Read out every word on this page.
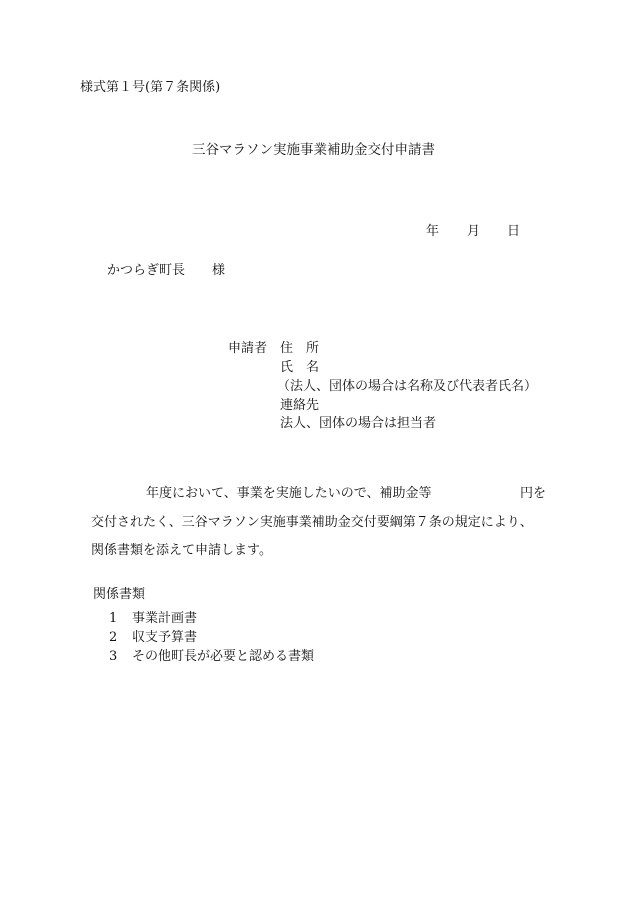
様式第１号(第７条関係)
三谷マラソン実施事業補助金交付申請書
年 月 日
かつらぎ町長 様
申請者 住　所
氏　名
（法人、団体の場合は名称及び代表者氏名）
連絡先
法人、団体の場合は担当者
年度において、事業を実施したいので、補助金等	円を
交付されたく、三谷マラソン実施事業補助金交付要綱第７条の規定により、
関係書類を添えて申請します。
関係書類
1 事業計画書
2 収支予算書
3 その他町長が必要と認める書類
